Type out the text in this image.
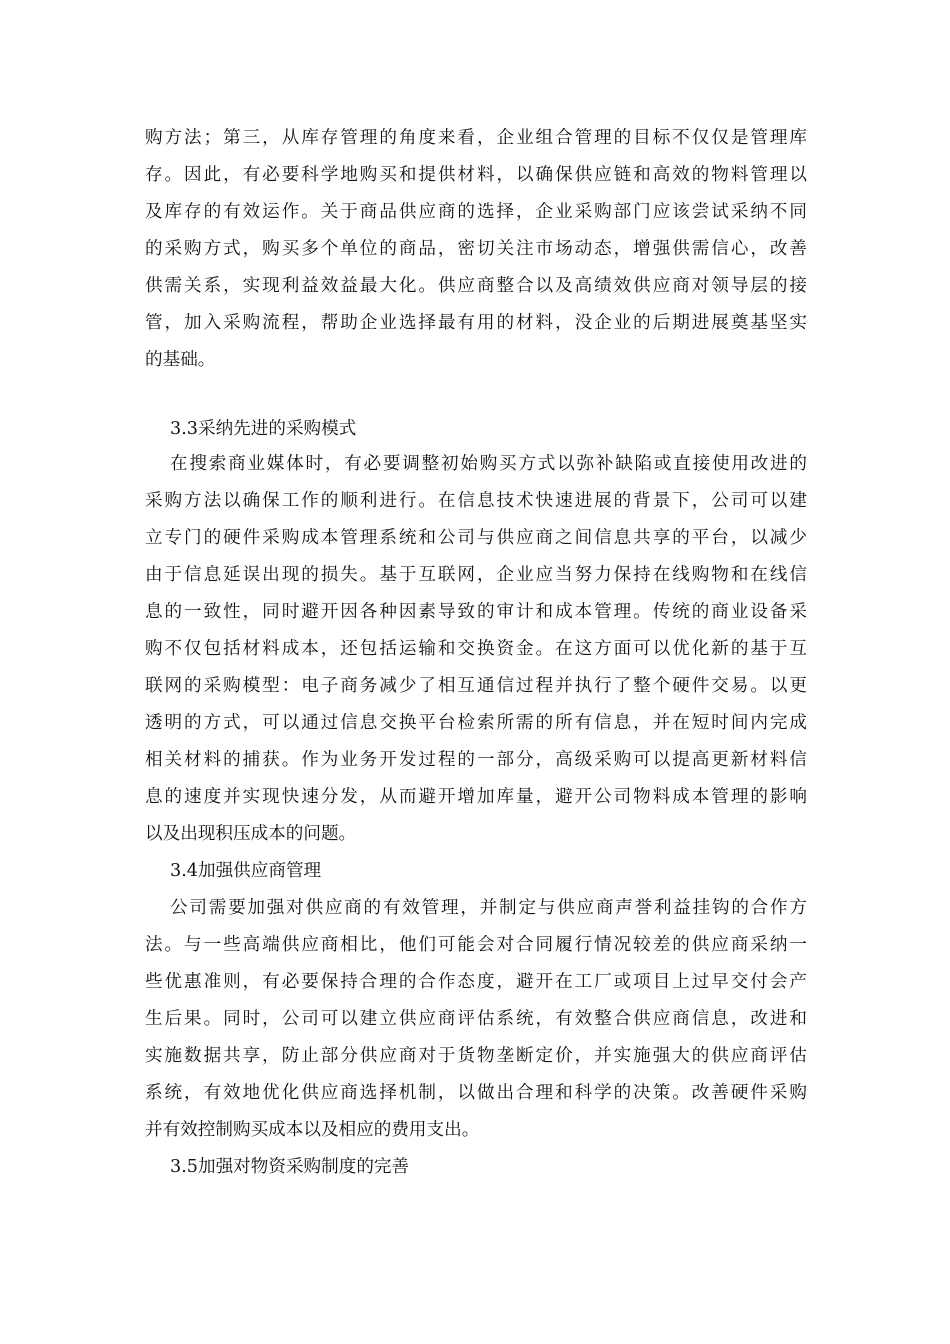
购方法；第三，从库存管理的角度来看，企业组合管理的目标不仅仅是管理库
存。因此，有必要科学地购买和提供材料，以确保供应链和高效的物料管理以
及库存的有效运作。关于商品供应商的选择，企业采购部门应该尝试采纳不同
的采购方式，购买多个单位的商品，密切关注市场动态，增强供需信心，改善
供需关系，实现利益效益最大化。供应商整合以及高绩效供应商对领导层的接
管，加入采购流程，帮助企业选择最有用的材料，没企业的后期进展奠基坚实
的基础。
3.3采纳先进的采购模式
在搜索商业媒体时，有必要调整初始购买方式以弥补缺陷或直接使用改进的
采购方法以确保工作的顺利进行。在信息技术快速进展的背景下，公司可以建
立专门的硬件采购成本管理系统和公司与供应商之间信息共享的平台，以减少
由于信息延误出现的损失。基于互联网，企业应当努力保持在线购物和在线信
息的一致性，同时避开因各种因素导致的审计和成本管理。传统的商业设备采
购不仅包括材料成本，还包括运输和交换资金。在这方面可以优化新的基于互
联网的采购模型：电子商务减少了相互通信过程并执行了整个硬件交易。以更
透明的方式，可以通过信息交换平台检索所需的所有信息，并在短时间内完成
相关材料的捕获。作为业务开发过程的一部分，高级采购可以提高更新材料信
息的速度并实现快速分发，从而避开增加库量，避开公司物料成本管理的影响
以及出现积压成本的问题。
3.4加强供应商管理
公司需要加强对供应商的有效管理，并制定与供应商声誉利益挂钩的合作方
法。与一些高端供应商相比，他们可能会对合同履行情况较差的供应商采纳一
些优惠准则，有必要保持合理的合作态度，避开在工厂或项目上过早交付会产
生后果。同时，公司可以建立供应商评估系统，有效整合供应商信息，改进和
实施数据共享，防止部分供应商对于货物垄断定价，并实施强大的供应商评估
系统，有效地优化供应商选择机制，以做出合理和科学的决策。改善硬件采购
并有效控制购买成本以及相应的费用支出。
3.5加强对物资采购制度的完善
